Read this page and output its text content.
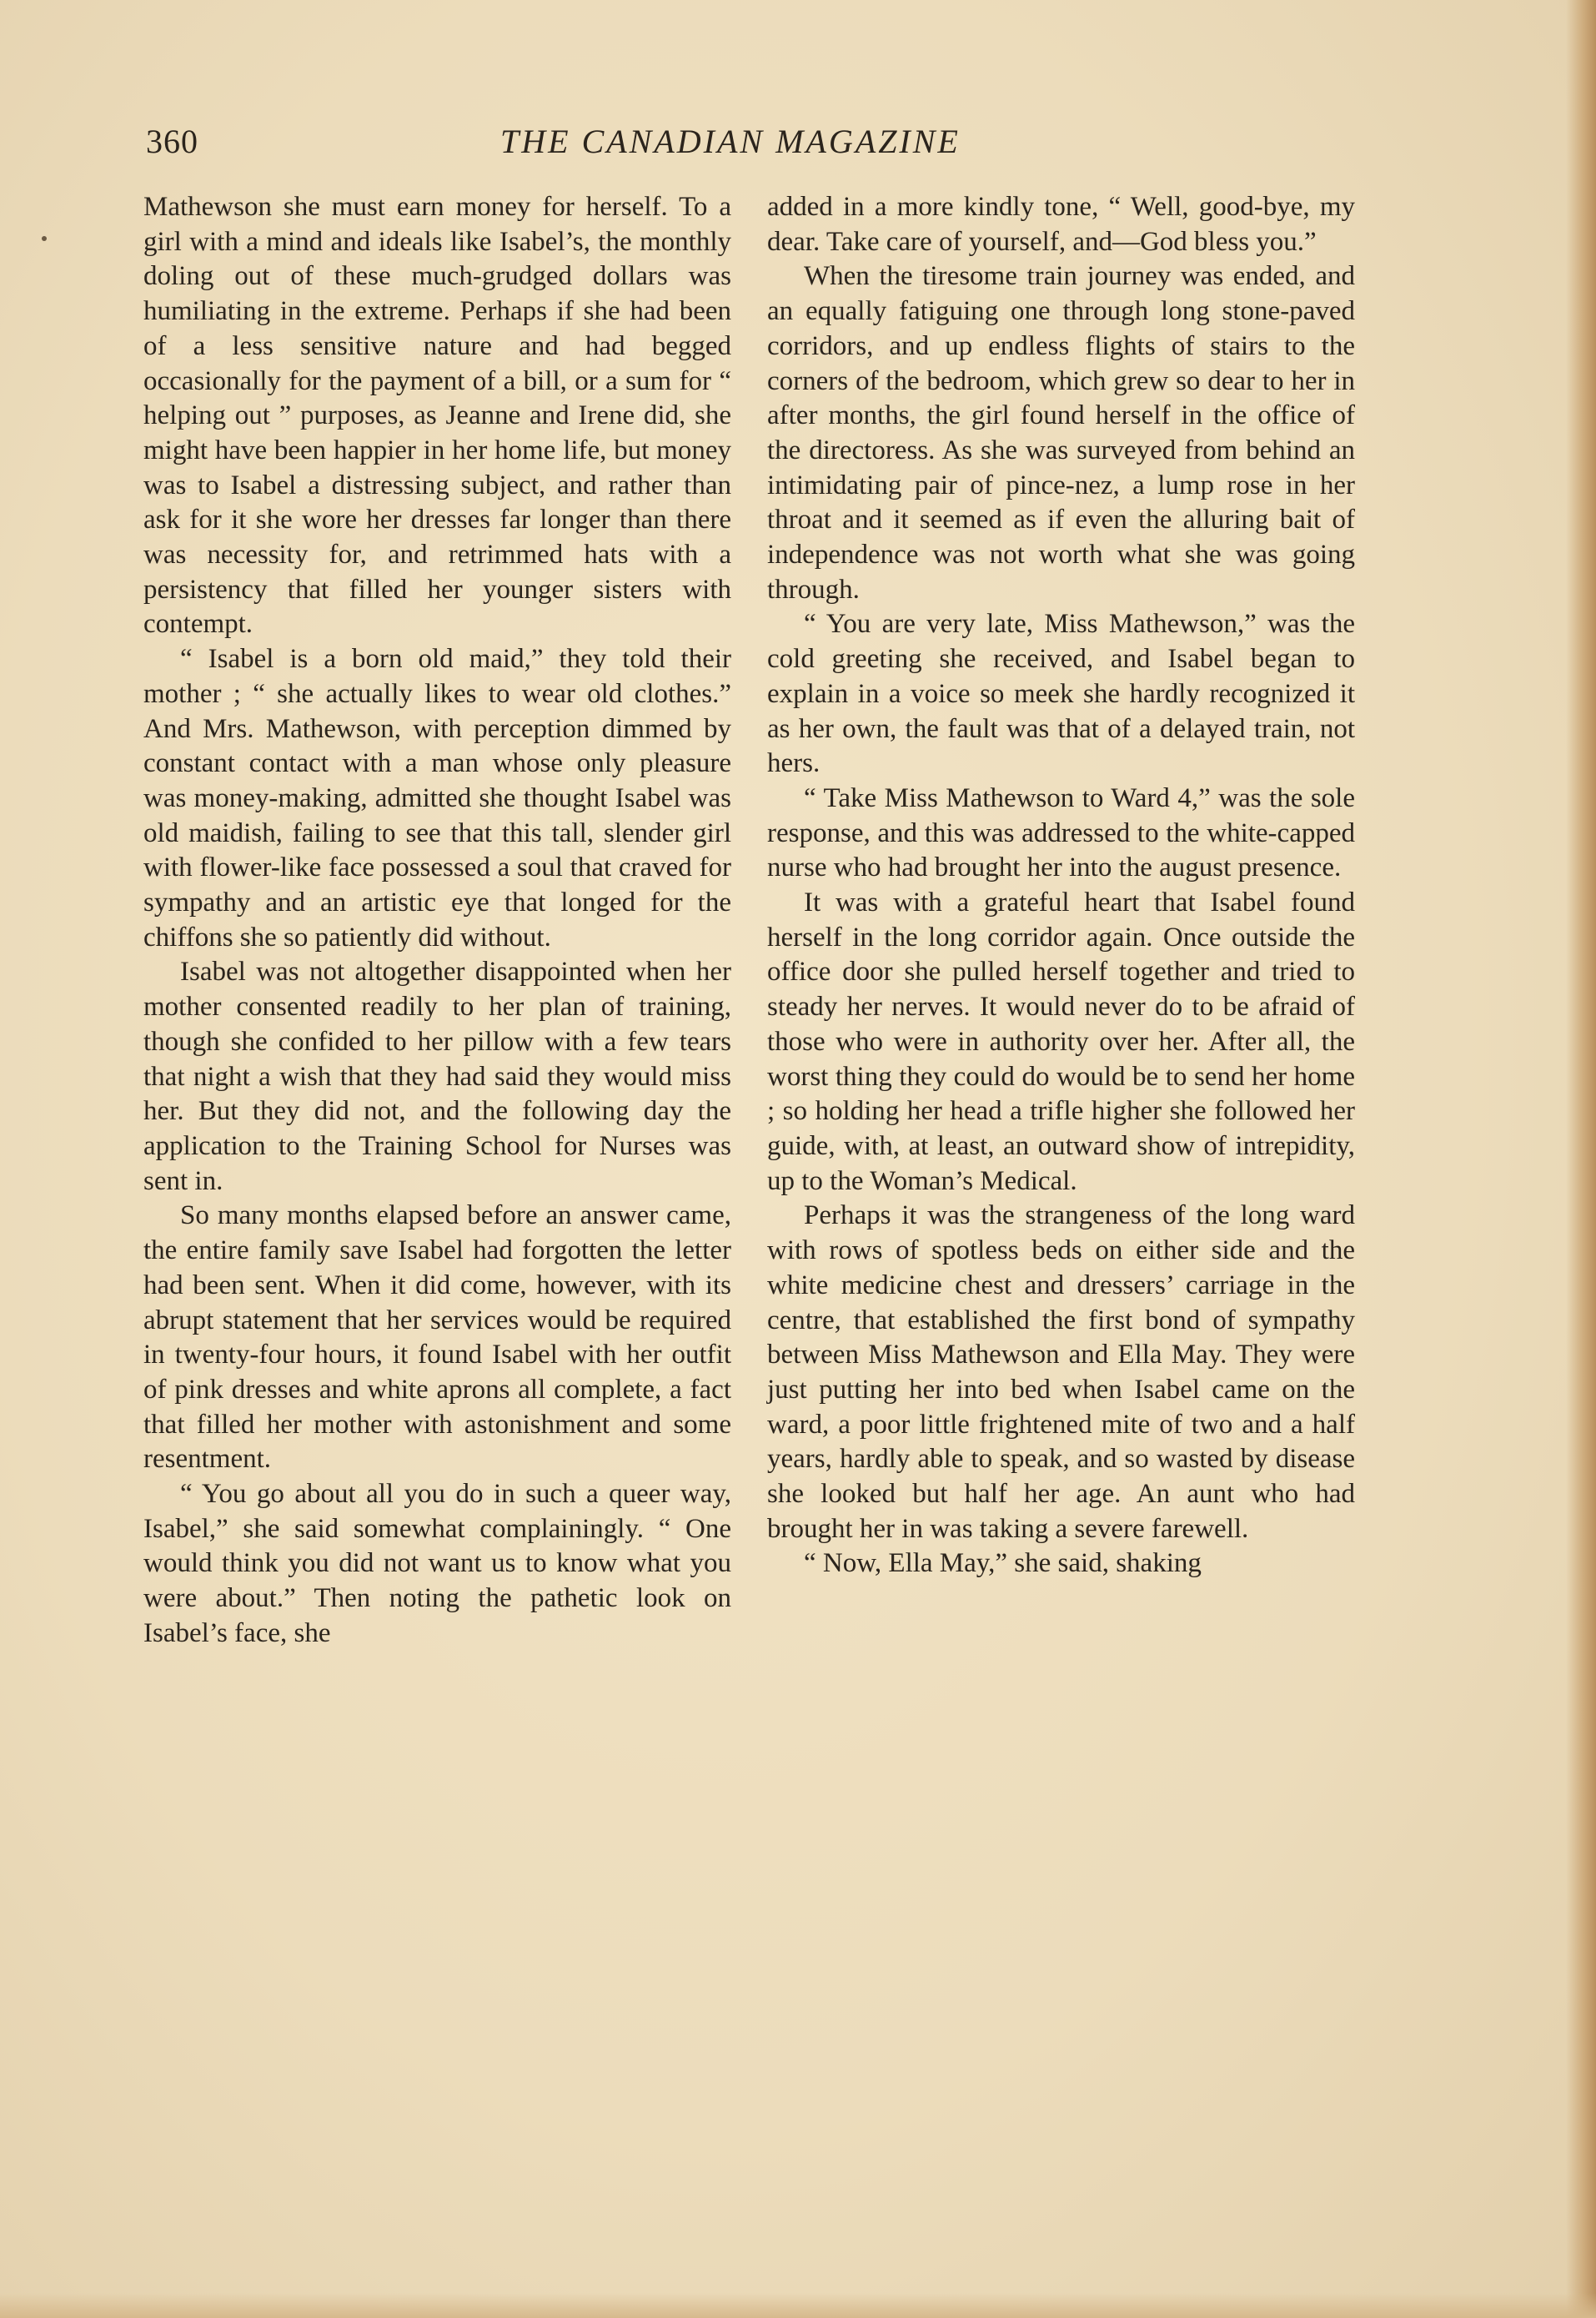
360	THE CANADIAN MAGAZINE

Mathewson she must earn money for herself. To a girl with a mind and ideals like Isabel’s, the monthly doling out of these much-grudged dollars was humiliating in the extreme. Perhaps if she had been of a less sensitive nature and had begged occasionally for the payment of a bill, or a sum for “ helping out ” purposes, as Jeanne and Irene did, she might have been happier in her home life, but money was to Isabel a distressing subject, and rather than ask for it she wore her dresses far longer than there was necessity for, and retrimmed hats with a persistency that filled her younger sisters with contempt.

“ Isabel is a born old maid,” they told their mother ; “ she actually likes to wear old clothes.” And Mrs. Mathewson, with perception dimmed by constant contact with a man whose only pleasure was money-making, admitted she thought Isabel was old maidish, failing to see that this tall, slender girl with flower-like face possessed a soul that craved for sympathy and an artistic eye that longed for the chiffons she so patiently did without.

Isabel was not altogether disappointed when her mother consented readily to her plan of training, though she confided to her pillow with a few tears that night a wish that they had said they would miss her. But they did not, and the following day the application to the Training School for Nurses was sent in.

So many months elapsed before an answer came, the entire family save Isabel had forgotten the letter had been sent. When it did come, however, with its abrupt statement that her services would be required in twenty-four hours, it found Isabel with her outfit of pink dresses and white aprons all complete, a fact that filled her mother with astonishment and some resentment.

“ You go about all you do in such a queer way, Isabel,” she said somewhat complainingly. “ One would think you did not want us to know what you were about.” Then noting the pathetic look on Isabel’s face, she

added in a more kindly tone, “ Well, good-bye, my dear. Take care of yourself, and—God bless you.”

When the tiresome train journey was ended, and an equally fatiguing one through long stone-paved corridors, and up endless flights of stairs to the corners of the bedroom, which grew so dear to her in after months, the girl found herself in the office of the directoress. As she was surveyed from behind an intimidating pair of pince-nez, a lump rose in her throat and it seemed as if even the alluring bait of independence was not worth what she was going through.

“ You are very late, Miss Mathewson,” was the cold greeting she received, and Isabel began to explain in a voice so meek she hardly recognized it as her own, the fault was that of a delayed train, not hers.

“ Take Miss Mathewson to Ward 4,” was the sole response, and this was addressed to the white-capped nurse who had brought her into the august presence.

It was with a grateful heart that Isabel found herself in the long corridor again. Once outside the office door she pulled herself together and tried to steady her nerves. It would never do to be afraid of those who were in authority over her. After all, the worst thing they could do would be to send her home ; so holding her head a trifle higher she followed her guide, with, at least, an outward show of intrepidity, up to the Woman’s Medical.

Perhaps it was the strangeness of the long ward with rows of spotless beds on either side and the white medicine chest and dressers’ carriage in the centre, that established the first bond of sympathy between Miss Mathewson and Ella May. They were just putting her into bed when Isabel came on the ward, a poor little frightened mite of two and a half years, hardly able to speak, and so wasted by disease she looked but half her age. An aunt who had brought her in was taking a severe farewell.

“ Now, Ella May,” she said, shaking
